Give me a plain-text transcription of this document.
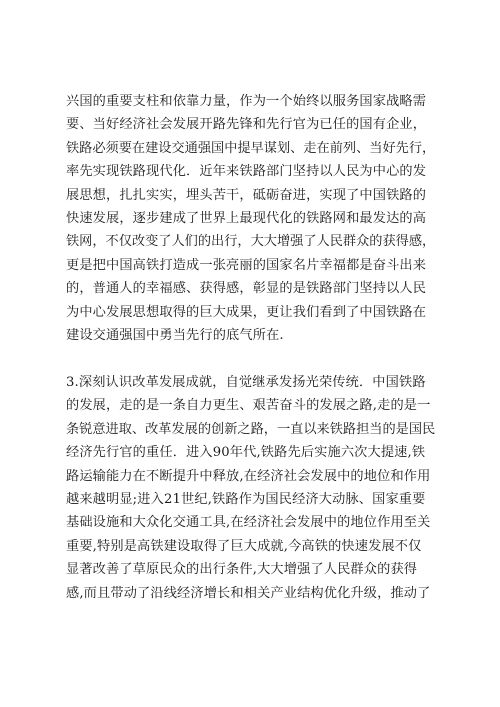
兴国的重要支柱和依靠力量，作为一个始终以服务国家战略需
要、当好经济社会发展开路先锋和先行官为已任的国有企业，
铁路必须要在建设交通强国中提早谋划、走在前列、当好先行，
率先实现铁路现代化．近年来铁路部门坚持以人民为中心的发
展思想，扎扎实实，埋头苦干，砥砺奋进，实现了中国铁路的
快速发展，逐步建成了世界上最现代化的铁路网和最发达的高
铁网，不仅改变了人们的出行，大大增强了人民群众的获得感，
更是把中国高铁打造成一张亮丽的国家名片幸福都是奋斗出来
的，普通人的幸福感、获得感，彰显的是铁路部门坚持以人民
为中心发展思想取得的巨大成果，更让我们看到了中国铁路在
建设交通强国中勇当先行的底气所在.
3.深刻认识改革发展成就，自觉继承发扬光荣传统．中国铁路
的发展，走的是一条自力更生、艰苦奋斗的发展之路,走的是一
条锐意进取、改革发展的创新之路，一直以来铁路担当的是国民
经济先行官的重任．进入90年代,铁路先后实施六次大提速,铁
路运输能力在不断提升中释放,在经济社会发展中的地位和作用
越来越明显;进入21世纪,铁路作为国民经济大动脉、国家重要
基础设施和大众化交通工具,在经济社会发展中的地位作用至关
重要,特别是高铁建设取得了巨大成就,今高铁的快速发展不仅
显著改善了草原民众的出行条件,大大增强了人民群众的获得
感,而且带动了沿线经济增长和相关产业结构优化升级，推动了
